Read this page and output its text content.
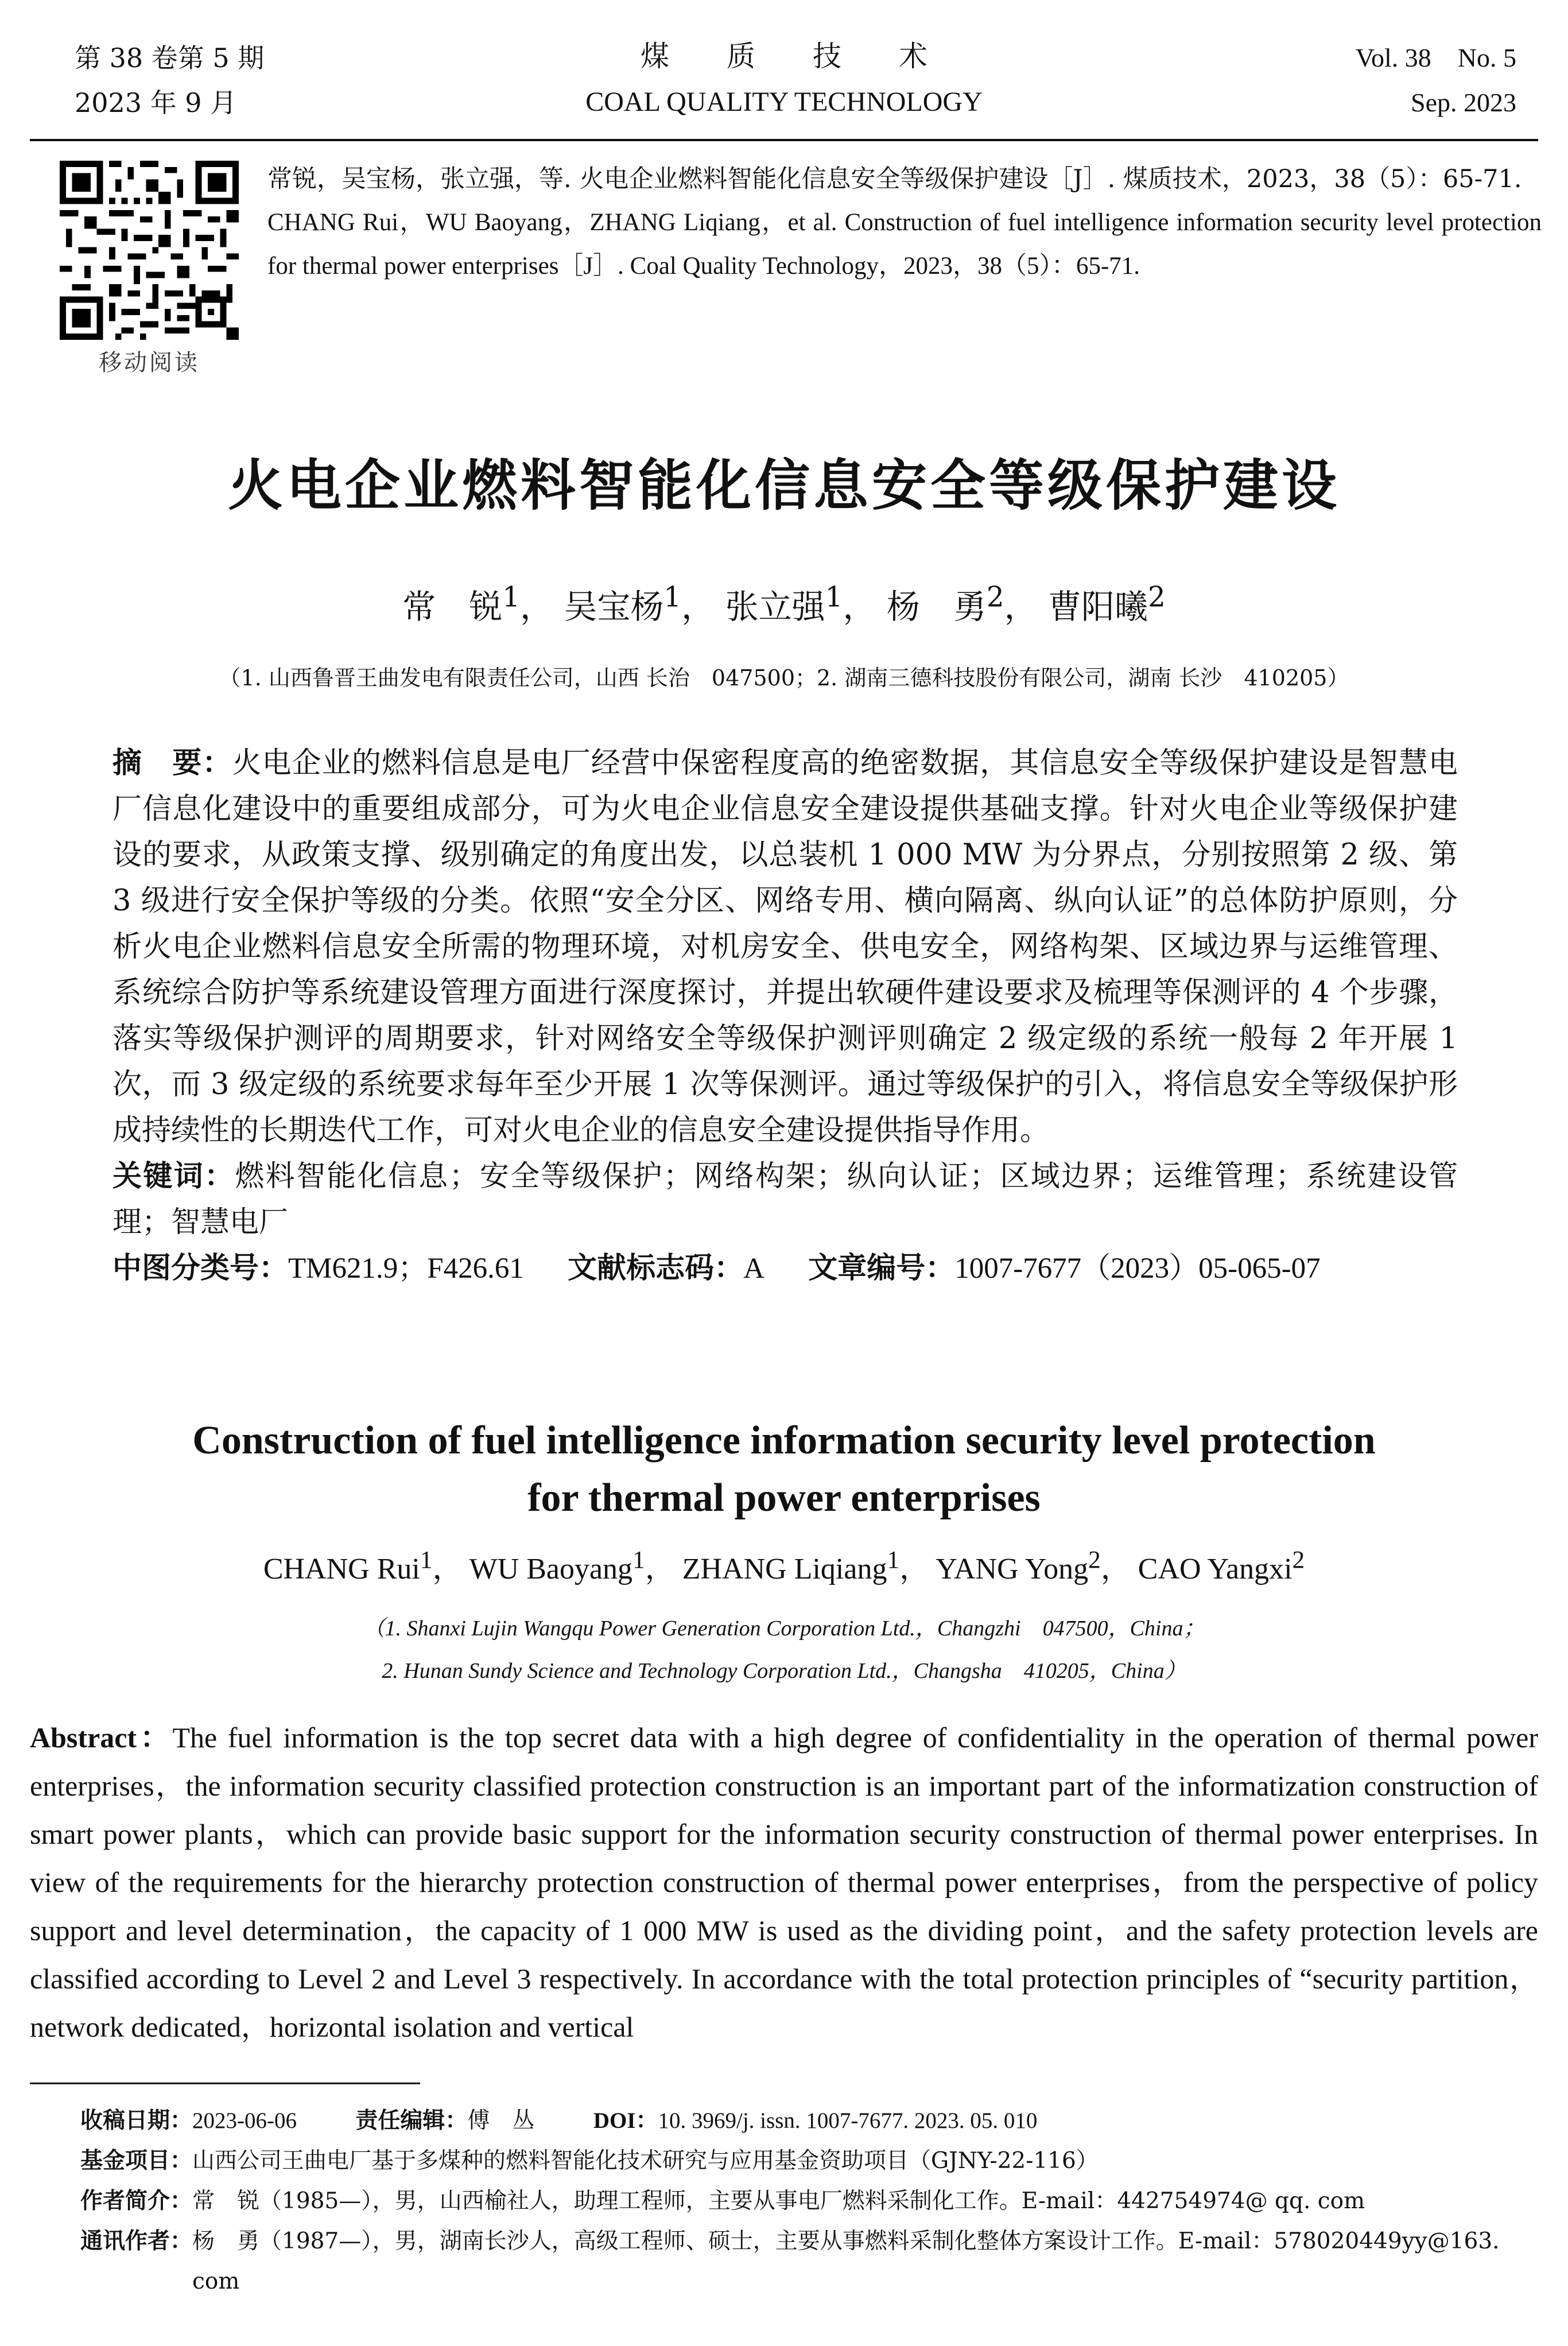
第 38 卷第 5 期
2023 年 9 月
煤　　质　　技　　术
COAL QUALITY TECHNOLOGY
Vol. 38　No. 5
Sep. 2023
移动阅读

常锐，吴宝杨，张立强，等. 火电企业燃料智能化信息安全等级保护建设［J］. 煤质技术，2023，38（5）：65-71.

CHANG Rui，WU Baoyang，ZHANG Liqiang，et al. Construction of fuel intelligence information security level protection for thermal power enterprises［J］. Coal Quality Technology，2023，38（5）：65-71.

火电企业燃料智能化信息安全等级保护建设
常　锐$^1$， 吴宝杨$^1$， 张立强$^1$， 杨　勇$^2$， 曹阳曦$^2$
（1. 山西鲁晋王曲发电有限责任公司，山西 长治　047500；2. 湖南三德科技股份有限公司，湖南 长沙　410205）

摘　要：火电企业的燃料信息是电厂经营中保密程度高的绝密数据，其信息安全等级保护建设是智慧电厂信息化建设中的重要组成部分，可为火电企业信息安全建设提供基础支撑。针对火电企业等级保护建设的要求，从政策支撑、级别确定的角度出发，以总装机 1 000 MW 为分界点，分别按照第 2 级、第 3 级进行安全保护等级的分类。依照“安全分区、网络专用、横向隔离、纵向认证”的总体防护原则，分析火电企业燃料信息安全所需的物理环境，对机房安全、供电安全，网络构架、区域边界与运维管理、系统综合防护等系统建设管理方面进行深度探讨，并提出软硬件建设要求及梳理等保测评的 4 个步骤，落实等级保护测评的周期要求，针对网络安全等级保护测评则确定 2 级定级的系统一般每 2 年开展 1 次，而 3 级定级的系统要求每年至少开展 1 次等保测评。通过等级保护的引入，将信息安全等级保护形成持续性的长期迭代工作，可对火电企业的信息安全建设提供指导作用。

关键词：燃料智能化信息；安全等级保护；网络构架；纵向认证；区域边界；运维管理；系统建设管理；智慧电厂

中图分类号：TM621.9；F426.61 文献标志码：A 文章编号：1007-7677（2023）05-065-07

Construction of fuel intelligence information security level protection
for thermal power enterprises
CHANG Rui$^1$， WU Baoyang$^1$， ZHANG Liqiang$^1$， YANG Yong$^2$， CAO Yangxi$^2$
（1. Shanxi Lujin Wangqu Power Generation Corporation Ltd.，Changzhi　047500，China；
2. Hunan Sundy Science and Technology Corporation Ltd.，Changsha　410205，China）
Abstract：The fuel information is the top secret data with a high degree of confidentiality in the operation of thermal power enterprises，the information security classified protection construction is an important part of the informatization construction of smart power plants，which can provide basic support for the information security construction of thermal power enterprises. In view of the requirements for the hierarchy protection construction of thermal power enterprises，from the perspective of policy support and level determination，the capacity of 1 000 MW is used as the dividing point，and the safety protection levels are classified according to Level 2 and Level 3 respectively. In accordance with the total protection principles of “security partition，network dedicated，horizontal isolation and vertical
收稿日期： 2023-06-06	责任编辑：傅　丛	DOI：10. 3969/j. issn. 1007-7677. 2023. 05. 010
基金项目： 山西公司王曲电厂基于多煤种的燃料智能化技术研究与应用基金资助项目（GJNY-22-116）
作者简介： 常　锐（1985—），男，山西榆社人，助理工程师，主要从事电厂燃料采制化工作。E-mail：442754974@ qq. com
通讯作者： 杨　勇（1987—），男，湖南长沙人，高级工程师、硕士，主要从事燃料采制化整体方案设计工作。E-mail：578020449yy@163. com
